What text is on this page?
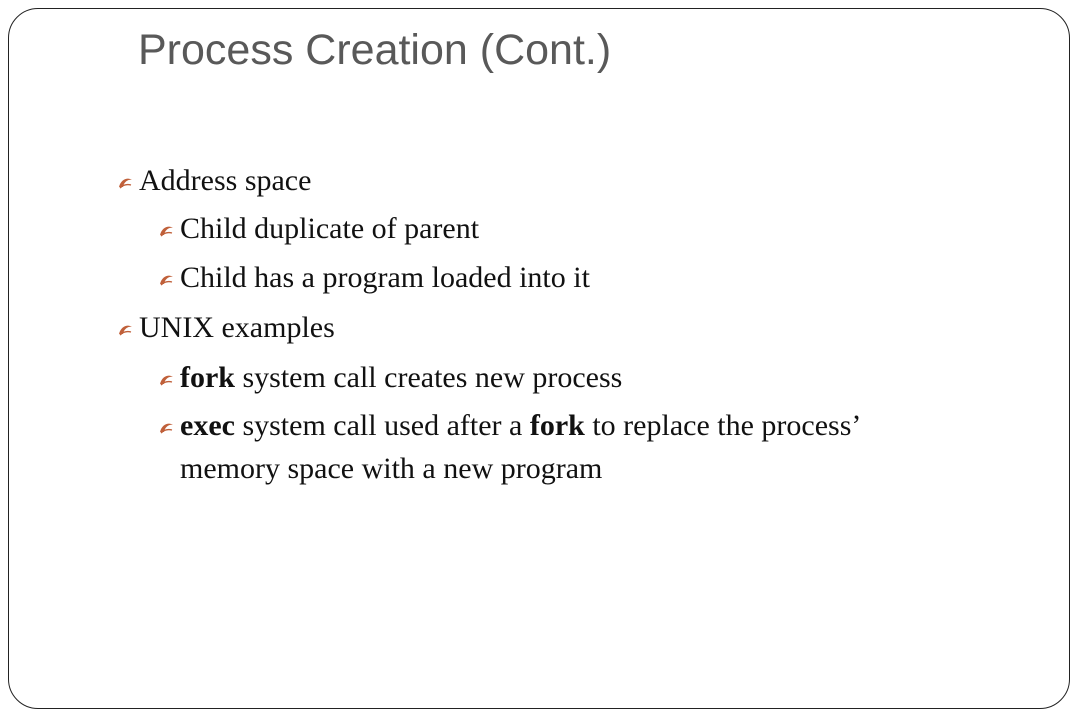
Process Creation (Cont.)
Address space
Child duplicate of parent
Child has a program loaded into it
UNIX examples
fork system call creates new process
exec system call used after a fork to replace the process’
memory space with a new program
